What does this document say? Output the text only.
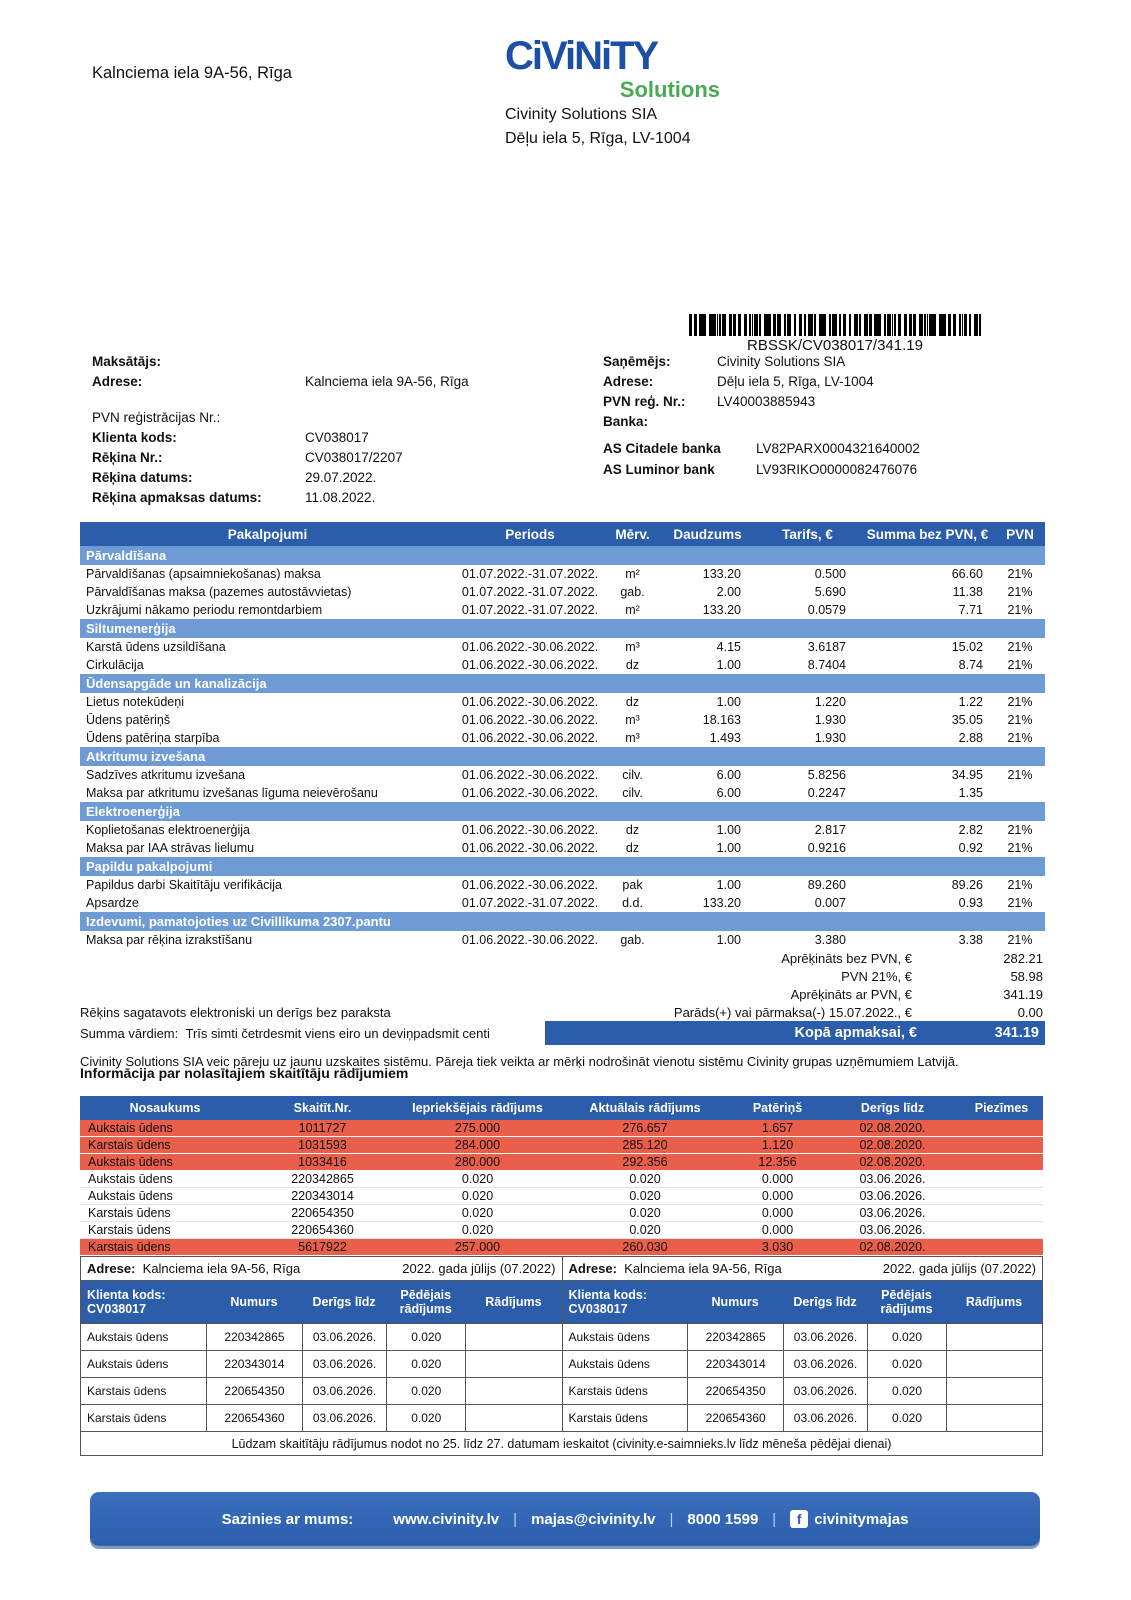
Kalnciema iela 9A-56, Rīga	CiViNiTY
Solutions
Civinity Solutions SIA
Dēļu iela 5, Rīga, LV-1004
RBSSK/CV038017/341.19
Maksātājs:
Adrese:	Kalnciema iela 9A-56, Rīga
PVN reģistrācijas Nr.:
Klienta kods:	CV038017
Rēķina Nr.:	CV038017/2207
Rēķina datums:	29.07.2022.
Rēķina apmaksas datums:	11.08.2022.
Saņēmējs:	Civinity Solutions SIA
Adrese:	Dēļu iela 5, Rīga, LV-1004
PVN reģ. Nr.:	LV40003885943
Banka:
AS Citadele banka	LV82PARX0004321640002
AS Luminor bank	LV93RIKO0000082476076
Pakalpojumi	Periods	Mērv.	Daudzums	Tarifs, €	Summa bez PVN, €	PVN
Pārvaldīšana
Pārvaldīšanas (apsaimniekošanas) maksa	01.07.2022.-31.07.2022.	m²	133.20	0.500	66.60	21%
Pārvaldīšanas maksa (pazemes autostāvvietas)	01.07.2022.-31.07.2022.	gab.	2.00	5.690	11.38	21%
Uzkrājumi nākamo periodu remontdarbiem	01.07.2022.-31.07.2022.	m²	133.20	0.0579	7.71	21%
Siltumenerģija
Karstā ūdens uzsildīšana	01.06.2022.-30.06.2022.	m³	4.15	3.6187	15.02	21%
Cirkulācija	01.06.2022.-30.06.2022.	dz	1.00	8.7404	8.74	21%
Ūdensapgāde un kanalizācija
Lietus notekūdeņi	01.06.2022.-30.06.2022.	dz	1.00	1.220	1.22	21%
Ūdens patēriņš	01.06.2022.-30.06.2022.	m³	18.163	1.930	35.05	21%
Ūdens patēriņa starpība	01.06.2022.-30.06.2022.	m³	1.493	1.930	2.88	21%
Atkritumu izvešana
Sadzīves atkritumu izvešana	01.06.2022.-30.06.2022.	cilv.	6.00	5.8256	34.95	21%
Maksa par atkritumu izvešanas līguma neievērošanu	01.06.2022.-30.06.2022.	cilv.	6.00	0.2247	1.35
Elektroenerģija
Koplietošanas elektroenerģija	01.06.2022.-30.06.2022.	dz	1.00	2.817	2.82	21%
Maksa par IAA strāvas lielumu	01.06.2022.-30.06.2022.	dz	1.00	0.9216	0.92	21%
Papildu pakalpojumi
Papildus darbi Skaitītāju verifikācija	01.06.2022.-30.06.2022.	pak	1.00	89.260	89.26	21%
Apsardze	01.07.2022.-31.07.2022.	d.d.	133.20	0.007	0.93	21%
Izdevumi, pamatojoties uz Civillikuma 2307.pantu
Maksa par rēķina izrakstīšanu	01.06.2022.-30.06.2022.	gab.	1.00	3.380	3.38	21%
Aprēķināts bez PVN, €	282.21
PVN 21%, €	58.98
Aprēķināts ar PVN, €	341.19
Rēķins sagatavots elektroniski un derīgs bez paraksta
Summa vārdiem:
Trīs simti četrdesmit viens eiro un deviņpadsmit centi
Parāds(+) vai pārmaksa(-) 15.07.2022., €	0.00
Kopā apmaksai, €	341.19
Civinity Solutions SIA veic pāreju uz jaunu uzskaites sistēmu. Pāreja tiek veikta ar mērķi nodrošināt vienotu sistēmu Civinity grupas uzņēmumiem Latvijā.
Informācija par nolasītajiem skaitītāju rādījumiem
Nosaukums	Skaitīt.Nr.	Iepriekšējais rādījums	Aktuālais rādījums	Patēriņš	Derīgs līdz	Piezīmes
Aukstais ūdens	1011727	275.000	276.657	1.657	02.08.2020.
Karstais ūdens	1031593	284.000	285.120	1.120	02.08.2020.
Aukstais ūdens	1033416	280.000	292.356	12.356	02.08.2020.
Aukstais ūdens	220342865	0.020	0.020	0.000	03.06.2026.
Aukstais ūdens	220343014	0.020	0.020	0.000	03.06.2026.
Karstais ūdens	220654350	0.020	0.020	0.000	03.06.2026.
Karstais ūdens	220654360	0.020	0.020	0.000	03.06.2026.
Karstais ūdens	5617922	257.000	260.030	3.030	02.08.2020.
Adrese: Kalnciema iela 9A-56, Rīga	2022. gada jūlijs (07.2022)
Klienta kods:
CV038017	Numurs	Derīgs līdz	Pēdējais rādījums	Rādījums
Aukstais ūdens	220342865	03.06.2026.	0.020
Aukstais ūdens	220343014	03.06.2026.	0.020
Karstais ūdens	220654350	03.06.2026.	0.020
Karstais ūdens	220654360	03.06.2026.	0.020
Adrese: Kalnciema iela 9A-56, Rīga	2022. gada jūlijs (07.2022)
Klienta kods:
CV038017	Numurs	Derīgs līdz	Pēdējais rādījums	Rādījums
Aukstais ūdens	220342865	03.06.2026.	0.020
Aukstais ūdens	220343014	03.06.2026.	0.020
Karstais ūdens	220654350	03.06.2026.	0.020
Karstais ūdens	220654360	03.06.2026.	0.020
Lūdzam skaitītāju rādījumus nodot no 25. līdz 27. datumam ieskaitot (civinity.e-saimnieks.lv līdz mēneša pēdējai dienai)
Sazinies ar mums:	www.civinity.lv | majas@civinity.lv | 8000 1599 |	f civinitymajas
